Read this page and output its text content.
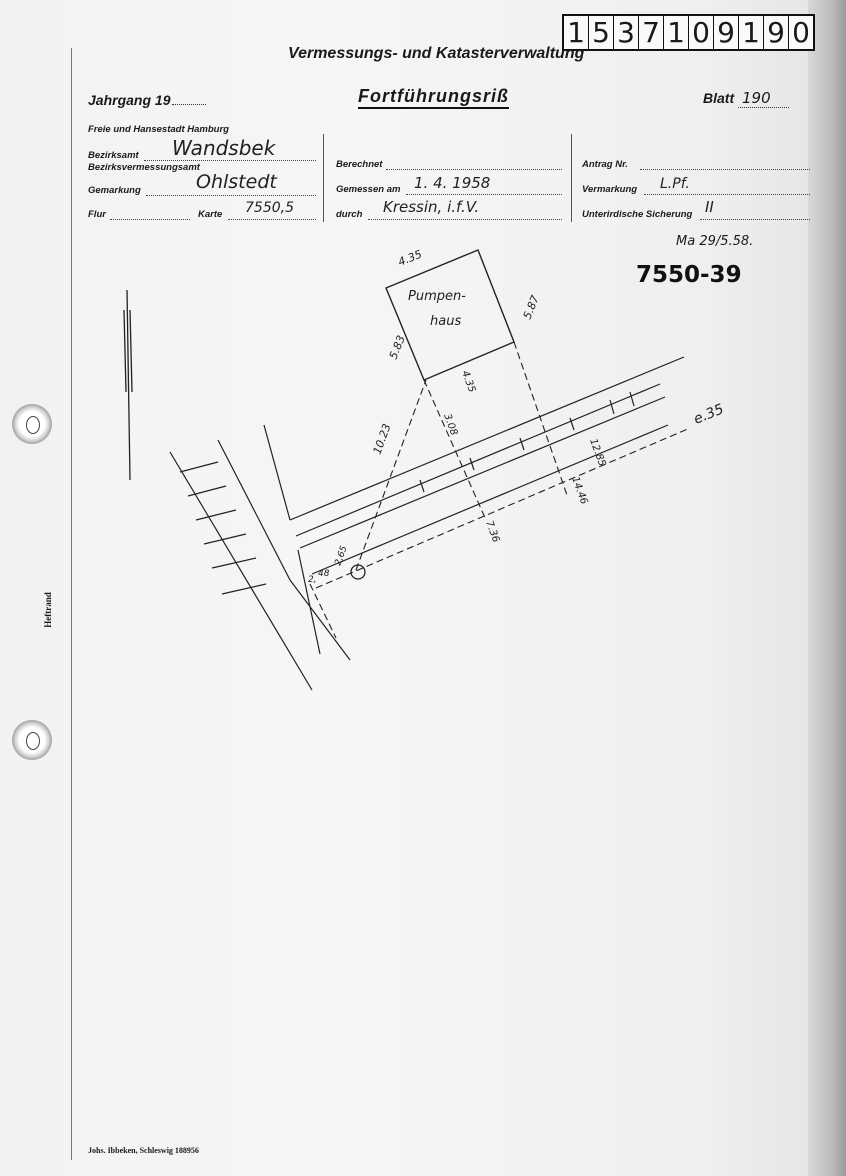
Heftrand
1 5 3 7 1 0 9 1 9 0
Vermessungs- und Katasterverwaltung
Jahrgang 19	Fortführungsriß	Blatt 190
Freie und Hansestadt Hamburg
Bezirksamt Wandsbek
Bezirksvermessungsamt
Gemarkung	Ohlstedt
Flur	Karte 7550,5
Berechnet
Gemessen am 1. 4. 1958
durch Kressin, i.f.V.
Antrag Nr.
Vermarkung L.Pf.
Unterirdische Sicherung II
Ma 29/5.58.
7550-39
Pumpen-
haus
4.35
5.83
5.87
4.35
10.23	3.08
7.36
14.46
12.85
e.35
2,65
48
2,
Johs. Ibbeken, Schleswig 188956
